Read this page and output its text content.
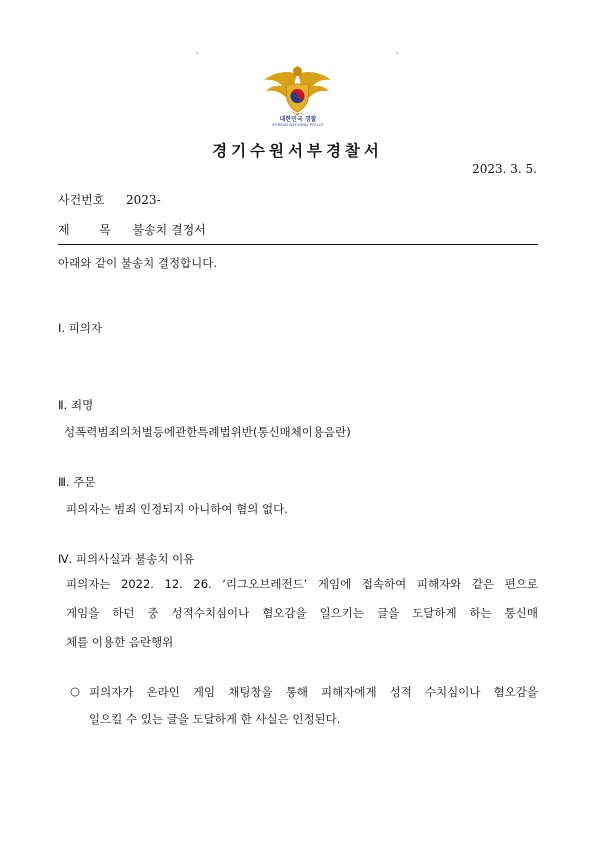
。	。
대한민국 경찰
KOREAN NATIONAL POLICE
경기수원서부경찰서
2023. 3. 5.
사건번호 2023-
제 목 불송치 결정서
아래와 같이 불송치 결정합니다.
Ⅰ. 피의자
Ⅱ. 죄명
성폭력범죄의처벌등에관한특례법위반(통신매체이용음란)
Ⅲ. 주문
피의자는 범죄 인정되지 아니하여 혐의 없다.
Ⅳ. 피의사실과 불송치 이유
피의자는 2022. 12. 26. ‘리그오브레전드’ 게임에 접속하여 피해자와 같은 편으로
게임을 하던 중 성적수치심이나 혐오감을 일으키는 글을 도달하게 하는 통신매
체를 이용한 음란행위
○ 피의자가 온라인 게임 채팅창을 통해 피해자에게 성적 수치심이나 혐오감을
일으킬 수 있는 글을 도달하게 한 사실은 인정된다.
